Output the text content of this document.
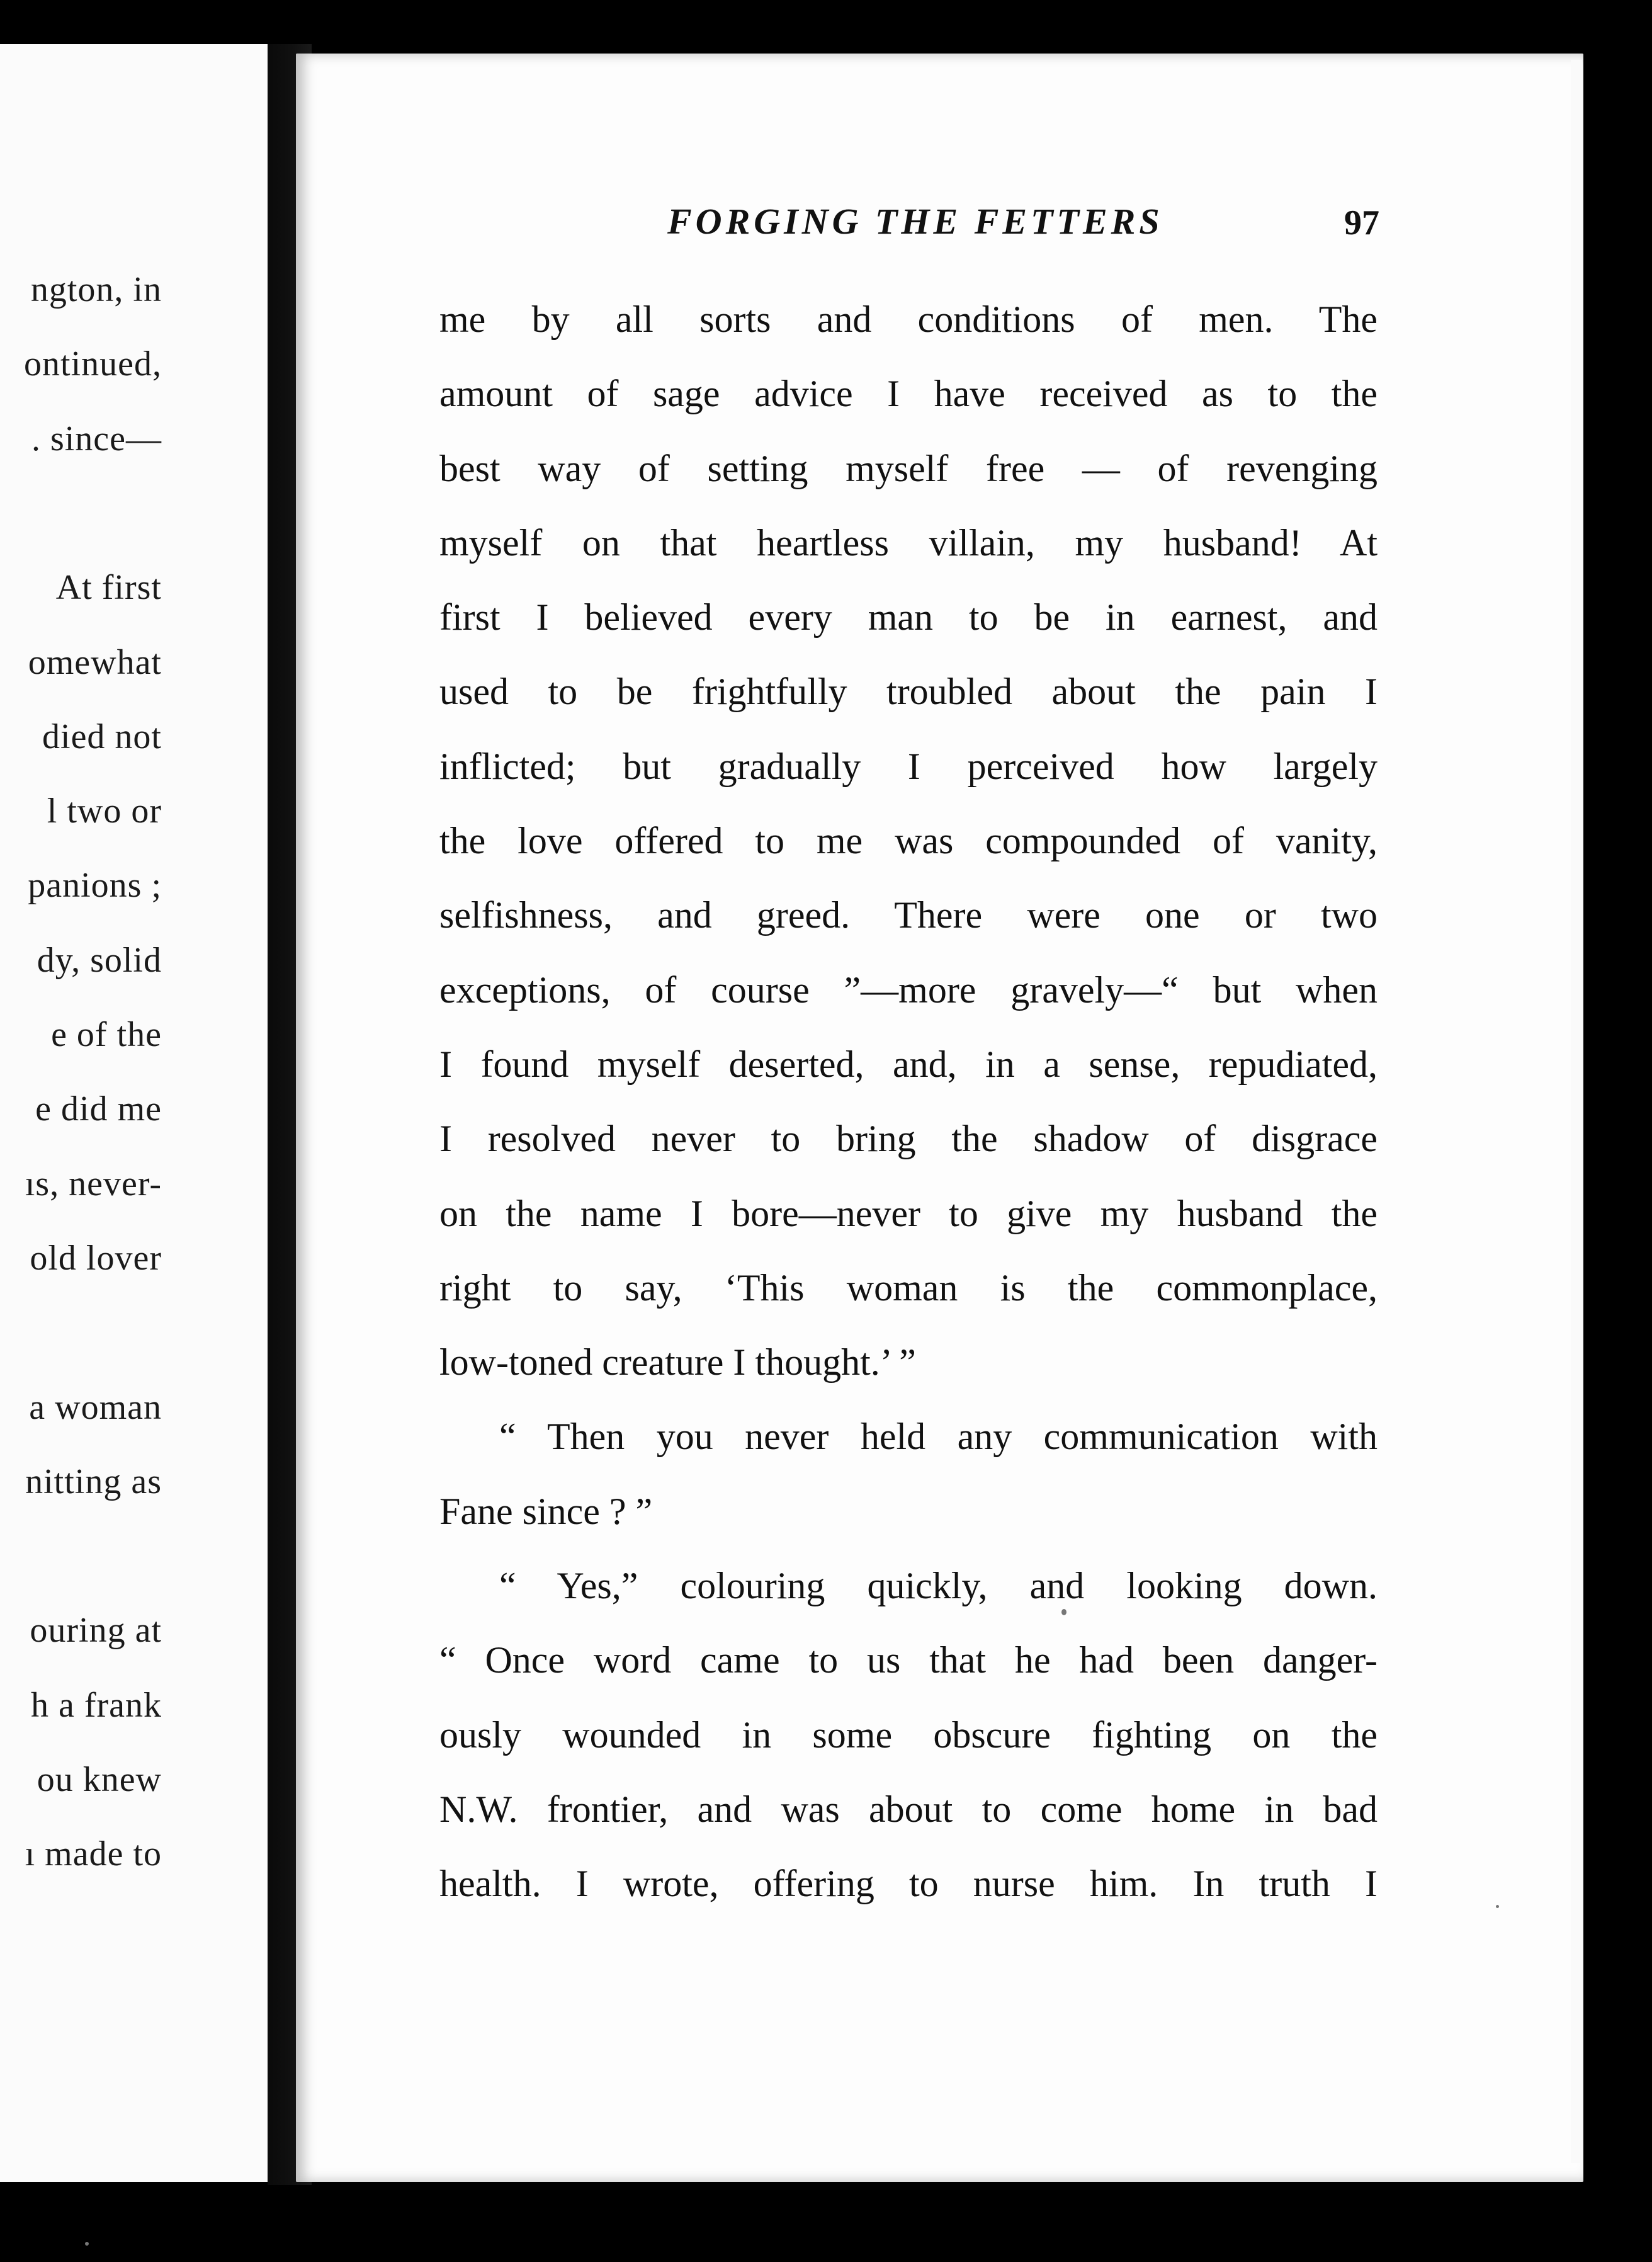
ngton, in
ontinued,
. since—
At first
omewhat
died not
l two or
panions ;
dy, solid
e of the
e did me
ıs, never-
old lover
a woman
nitting as
ouring at
h a frank
ou knew
ı made to
FORGING THE FETTERS	97
me by all sorts and conditions of men. The
amount of sage advice I have received as to the
best way of setting myself free — of revenging
myself on that heartless villain, my husband! At
first I believed every man to be in earnest, and
used to be frightfully troubled about the pain I
inflicted; but gradually I perceived how largely
the love offered to me was compounded of vanity,
selfishness, and greed. There were one or two
exceptions, of course ”—more gravely—“ but when
I found myself deserted, and, in a sense, repudiated,
I resolved never to bring the shadow of disgrace
on the name I bore—never to give my husband the
right to say, ‘This woman is the commonplace,
low-toned creature I thought.’ ”
“ Then you never held any communication with
Fane since ? ”
“ Yes,” colouring quickly, and looking down.
“ Once word came to us that he had been danger-
ously wounded in some obscure fighting on the
N.W. frontier, and was about to come home in bad
health. I wrote, offering to nurse him. In truth I
